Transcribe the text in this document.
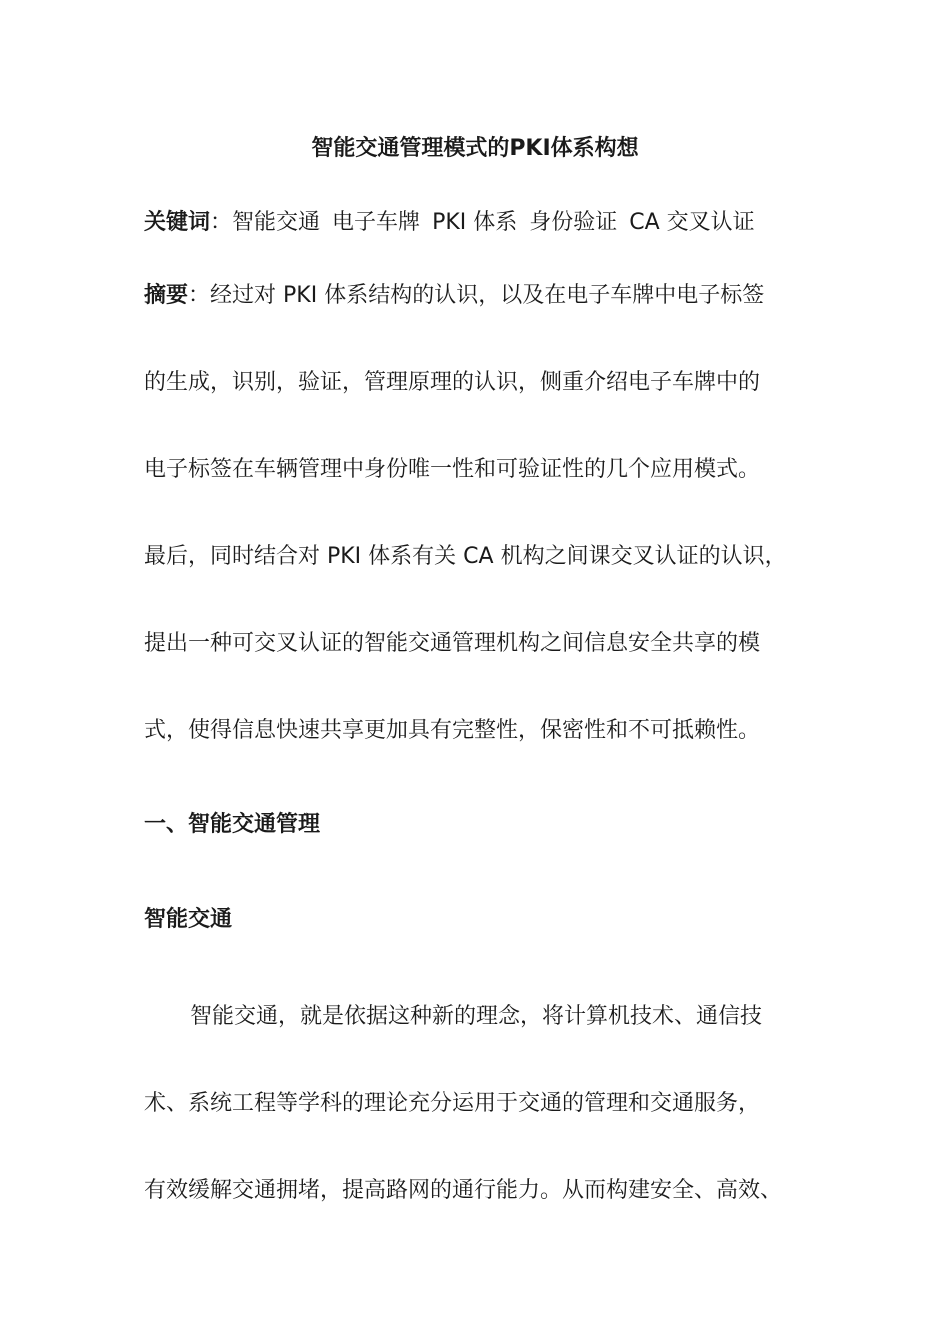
智能交通管理模式的PKI体系构想
关键词：智能交通 电子车牌 PKI 体系 身份验证 CA 交叉认证
摘要：经过对 PKI 体系结构的认识，以及在电子车牌中电子标签
的生成，识别，验证，管理原理的认识，侧重介绍电子车牌中的
电子标签在车辆管理中身份唯一性和可验证性的几个应用模式。
最后，同时结合对 PKI 体系有关 CA 机构之间课交叉认证的认识，
提出一种可交叉认证的智能交通管理机构之间信息安全共享的模
式，使得信息快速共享更加具有完整性，保密性和不可抵赖性。
一、智能交通管理
智能交通
智能交通，就是依据这种新的理念，将计算机技术、通信技
术、系统工程等学科的理论充分运用于交通的管理和交通服务，
有效缓解交通拥堵，提高路网的通行能力。从而构建安全、高效、
